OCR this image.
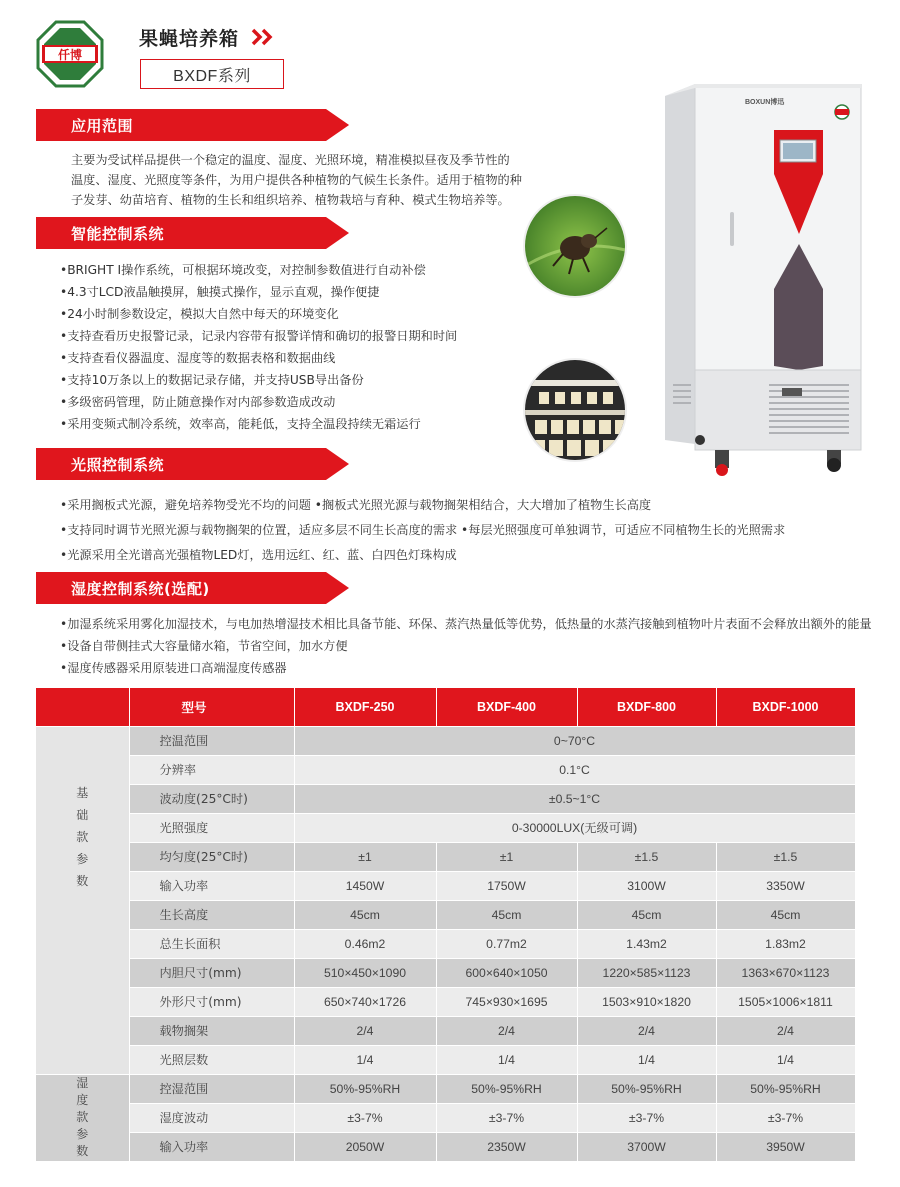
仟博
果蝇培养箱
BXDF系列
应用范围
主要为受试样品提供一个稳定的温度、湿度、光照环境，精准模拟昼夜及季节性的
温度、湿度、光照度等条件，为用户提供各种植物的气候生长条件。适用于植物的种
子发芽、幼苗培育、植物的生长和组织培养、植物栽培与育种、模式生物培养等。
智能控制系统
•BRIGHT I操作系统，可根据环境改变，对控制参数值进行自动补偿
•4.3寸LCD液晶触摸屏，触摸式操作，显示直观，操作便捷
•24小时制参数设定，模拟大自然中每天的环境变化
•支持查看历史报警记录，记录内容带有报警详情和确切的报警日期和时间
•支持查看仪器温度、湿度等的数据表格和数据曲线
•支持10万条以上的数据记录存储，并支持USB导出备份
•多级密码管理，防止随意操作对内部参数造成改动
•采用变频式制冷系统，效率高，能耗低，支持全温段持续无霜运行
光照控制系统
•采用搁板式光源，避免培养物受光不均的问题 •搁板式光照光源与载物搁架相结合，大大增加了植物生长高度
•支持同时调节光照光源与载物搁架的位置，适应多层不同生长高度的需求 •每层光照强度可单独调节，可适应不同植物生长的光照需求
•光源采用全光谱高光强植物LED灯，选用远红、红、蓝、白四色灯珠构成
湿度控制系统(选配)
•加湿系统采用雾化加湿技术，与电加热增湿技术相比具备节能、环保、蒸汽热量低等优势，低热量的水蒸汽接触到植物叶片表面不会释放出额外的能量
•设备自带侧挂式大容量储水箱，节省空间，加水方便
•湿度传感器采用原装进口高端湿度传感器
BOXUN博迅
	型号	BXDF-250	BXDF-400	BXDF-800	BXDF-1000
基
础
款
参
数	控温范围	0~70°C			
	分辨率	0.1°C			
	波动度(25°C时)	±0.5~1°C			
	光照强度	0-30000LUX(无级可调)			
	均匀度(25°C时)	±1	±1	±1.5	±1.5
	输入功率	1450W	1750W	3100W	3350W
	生长高度	45cm	45cm	45cm	45cm
	总生长面积	0.46m2	0.77m2	1.43m2	1.83m2
	内胆尺寸(mm)	510×450×1090	600×640×1050	1220×585×1123	1363×670×1123
	外形尺寸(mm)	650×740×1726	745×930×1695	1503×910×1820	1505×1006×1811
	载物搁架	2/4	2/4	2/4	2/4
	光照层数	1/4	1/4	1/4	1/4
湿
度
款
参
数	控湿范围	50%-95%RH	50%-95%RH	50%-95%RH	50%-95%RH
	湿度波动	±3-7%	±3-7%	±3-7%	±3-7%
	输入功率	2050W	2350W	3700W	3950W
